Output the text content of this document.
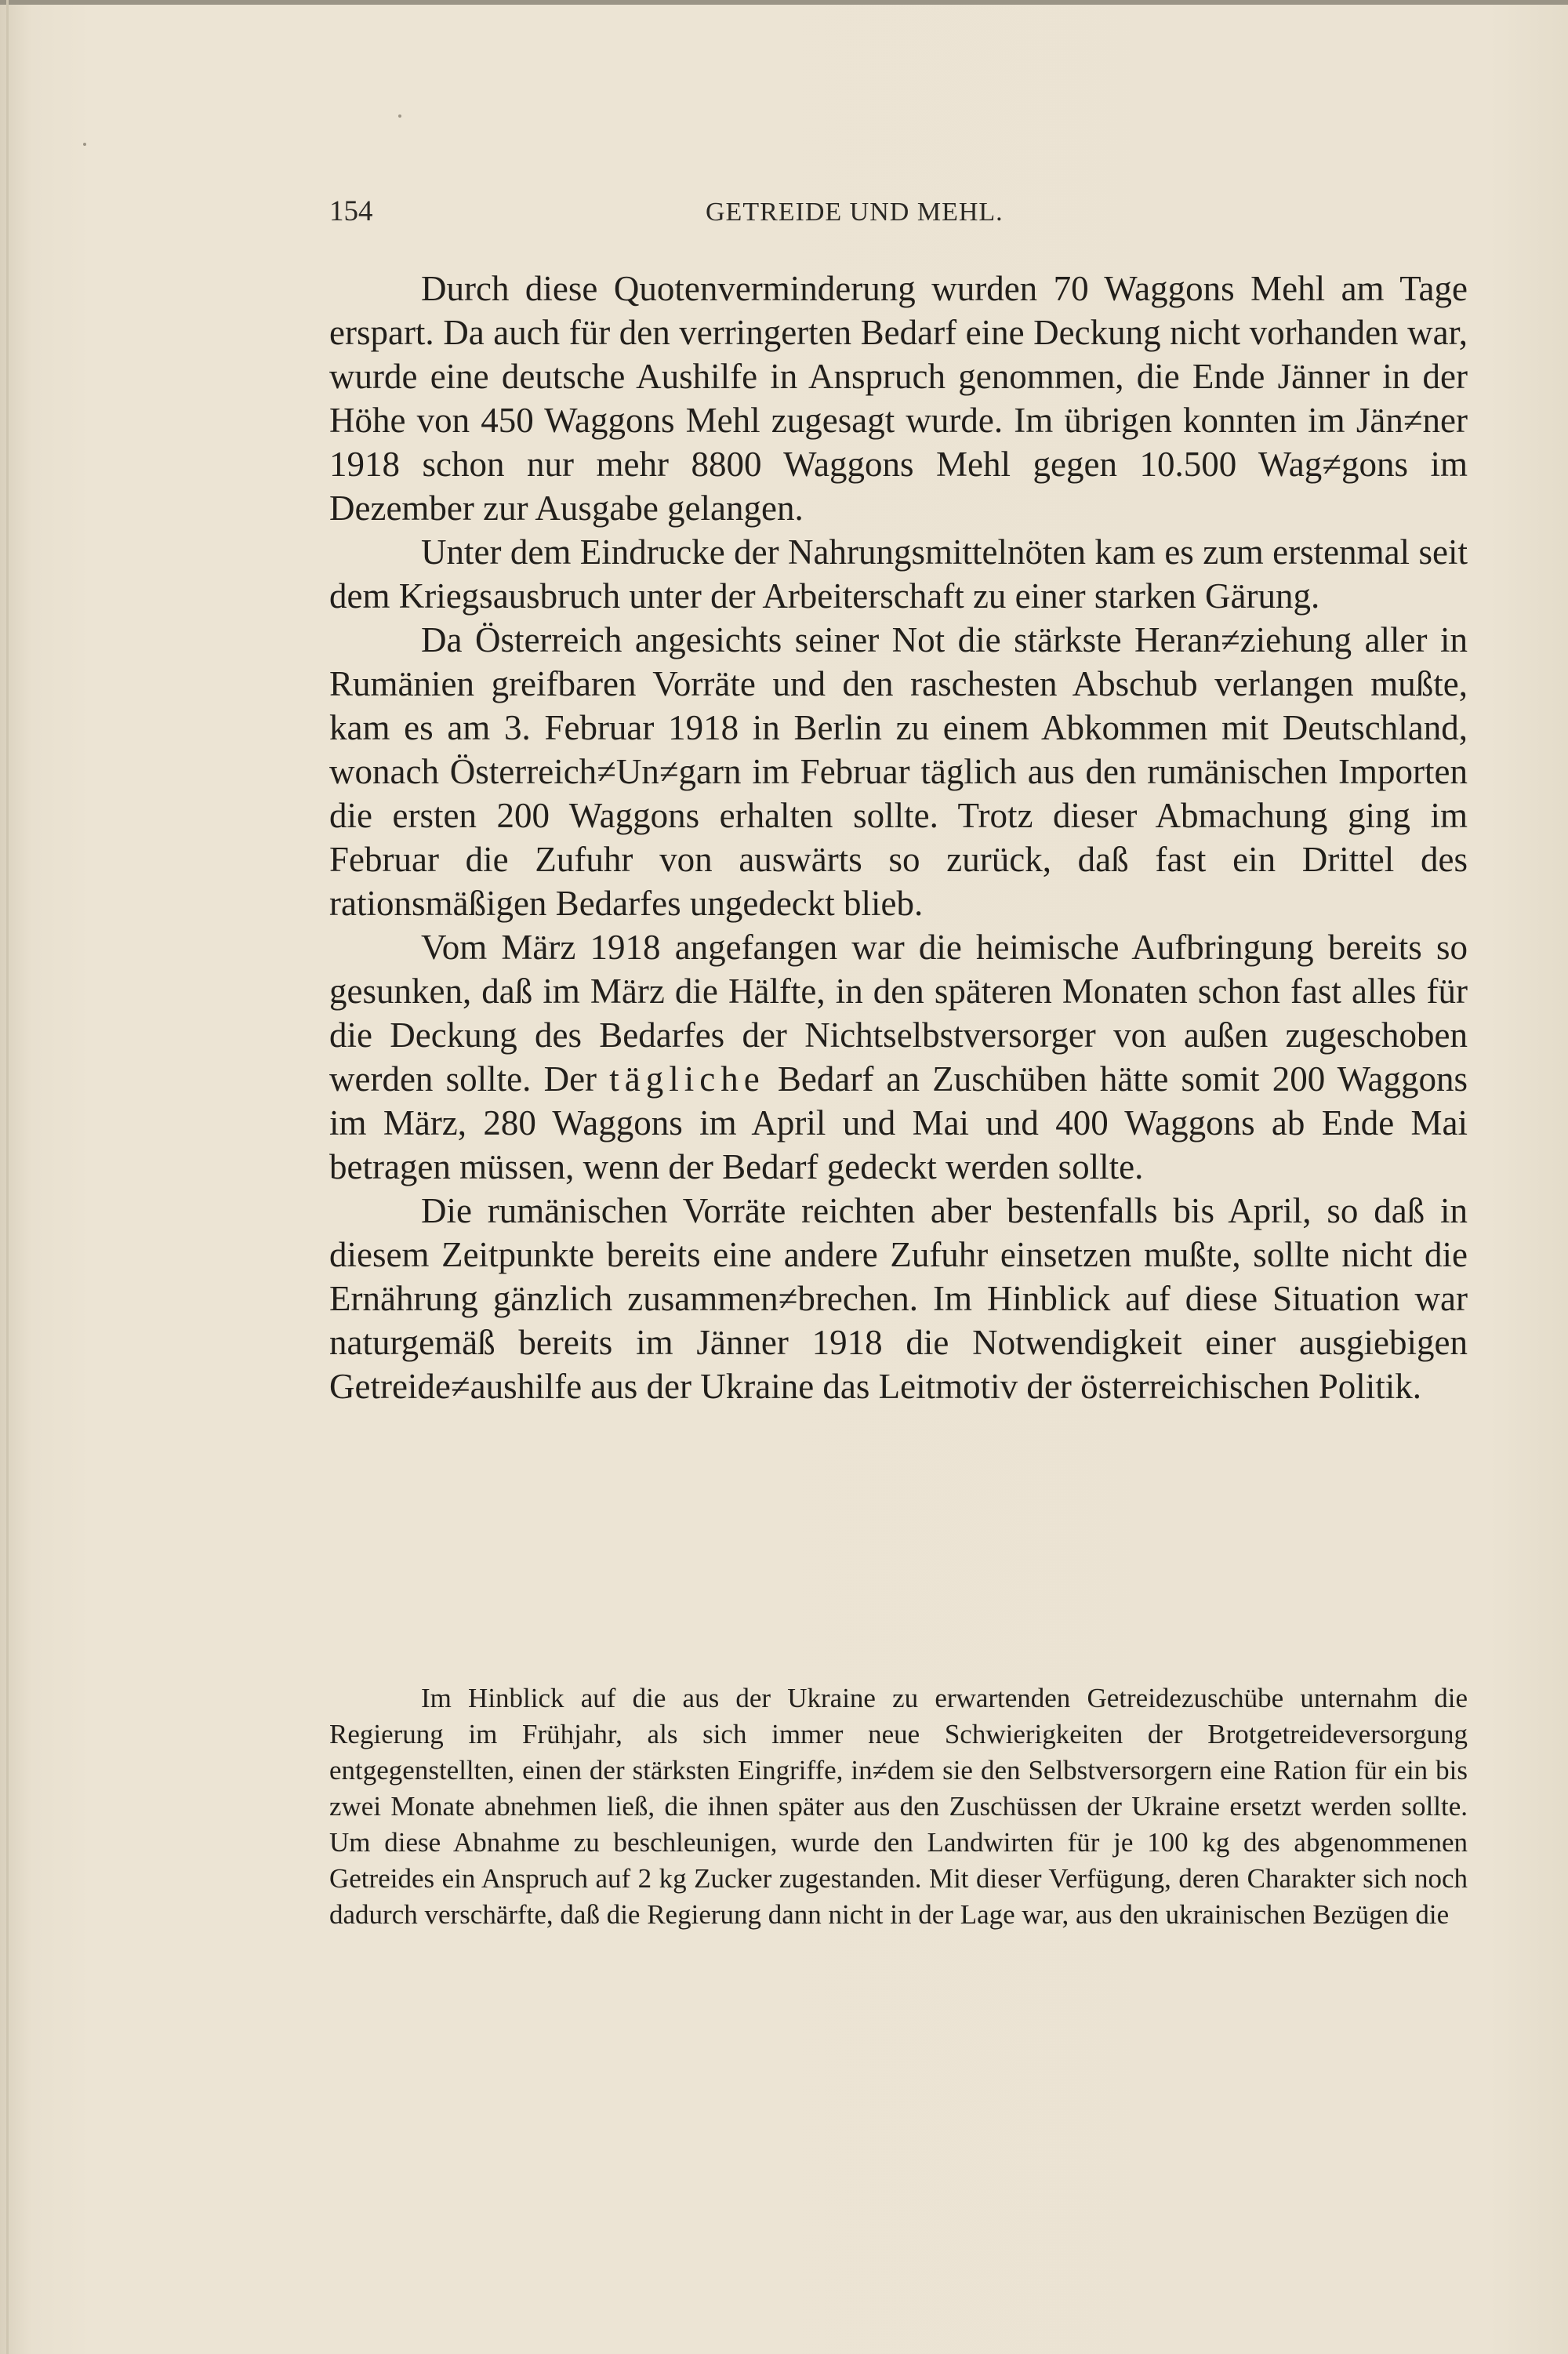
154	GETREIDE UND MEHL.

Durch diese Quotenverminderung wurden 70 Waggons Mehl am Tage erspart. Da auch für den verringerten Bedarf eine Deckung nicht vorhanden war, wurde eine deutsche Aushilfe in Anspruch genommen, die Ende Jänner in der Höhe von 450 Waggons Mehl zugesagt wurde. Im übrigen konnten im Jän≠ner 1918 schon nur mehr 8800 Waggons Mehl gegen 10.500 Wag≠gons im Dezember zur Ausgabe gelangen.

Unter dem Eindrucke der Nahrungsmittelnöten kam es zum erstenmal seit dem Kriegsausbruch unter der Arbeiterschaft zu einer starken Gärung.

Da Österreich angesichts seiner Not die stärkste Heran≠ziehung aller in Rumänien greifbaren Vorräte und den raschesten Abschub verlangen mußte, kam es am 3. Februar 1918 in Berlin zu einem Abkommen mit Deutschland, wonach Österreich≠Un≠garn im Februar täglich aus den rumänischen Importen die ersten 200 Waggons erhalten sollte. Trotz dieser Abmachung ging im Februar die Zufuhr von auswärts so zurück, daß fast ein Drittel des rationsmäßigen Bedarfes ungedeckt blieb.

Vom März 1918 angefangen war die heimische Aufbringung bereits so gesunken, daß im März die Hälfte, in den späteren Monaten schon fast alles für die Deckung des Bedarfes der Nichtselbstversorger von außen zugeschoben werden sollte. Der tägliche Bedarf an Zuschüben hätte somit 200 Waggons im März, 280 Waggons im April und Mai und 400 Waggons ab Ende Mai betragen müssen, wenn der Bedarf gedeckt werden sollte.

Die rumänischen Vorräte reichten aber bestenfalls bis April, so daß in diesem Zeitpunkte bereits eine andere Zufuhr einsetzen mußte, sollte nicht die Ernährung gänzlich zusammen≠brechen. Im Hinblick auf diese Situation war naturgemäß bereits im Jänner 1918 die Notwendigkeit einer ausgiebigen Getreide≠aushilfe aus der Ukraine das Leitmotiv der österreichischen Politik.

Im Hinblick auf die aus der Ukraine zu erwartenden Getreidezuschübe unternahm die Regierung im Frühjahr, als sich immer neue Schwierigkeiten der Brotgetreideversorgung entgegenstellten, einen der stärksten Eingriffe, in≠dem sie den Selbstversorgern eine Ration für ein bis zwei Monate abnehmen ließ, die ihnen später aus den Zuschüssen der Ukraine ersetzt werden sollte. Um diese Abnahme zu beschleunigen, wurde den Landwirten für je 100 kg des abgenommenen Getreides ein Anspruch auf 2 kg Zucker zugestanden. Mit dieser Verfügung, deren Charakter sich noch dadurch verschärfte, daß die Regierung dann nicht in der Lage war, aus den ukrainischen Bezügen die
